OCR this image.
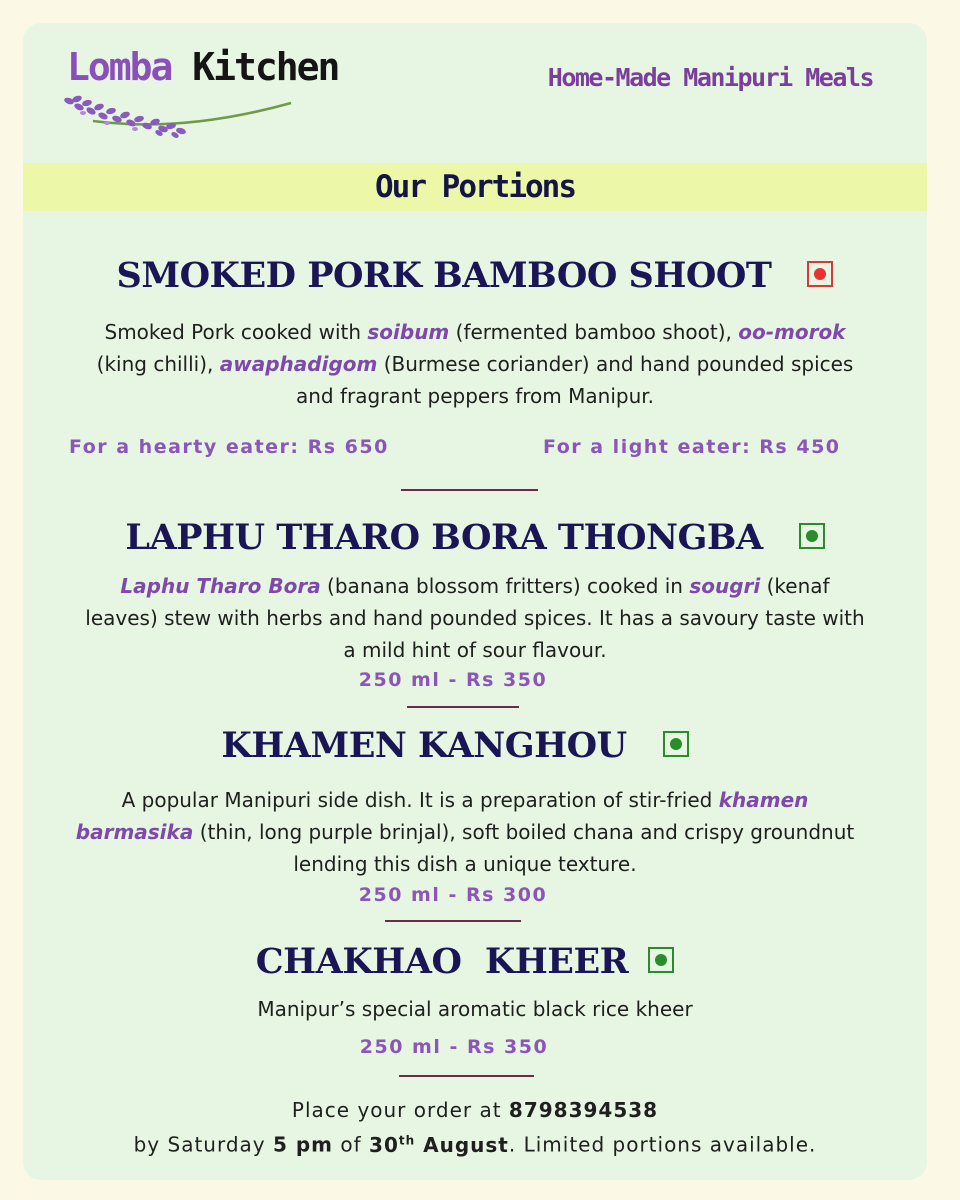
Lomba Kitchen	Home-Made Manipuri Meals
Our Portions
SMOKED PORK BAMBOO SHOOT
Smoked Pork cooked with soibum (fermented bamboo shoot), oo-morok (king chilli), awaphadigom (Burmese coriander) and hand pounded spices and fragrant peppers from Manipur.
For a hearty eater: Rs 650	For a light eater: Rs 450
LAPHU THARO BORA THONGBA
Laphu Tharo Bora (banana blossom fritters) cooked in sougri (kenaf leaves) stew with herbs and hand pounded spices. It has a savoury taste with a mild hint of sour flavour.
250 ml - Rs 350
KHAMEN KANGHOU
A popular Manipuri side dish. It is a preparation of stir-fried khamen barmasika (thin, long purple brinjal), soft boiled chana and crispy groundnut lending this dish a unique texture.
250 ml - Rs 300
CHAKHAO  KHEER
Manipur’s special aromatic black rice kheer
250 ml - Rs 350
Place your order at 8798394538
by Saturday 5 pm of 30th August. Limited portions available.
